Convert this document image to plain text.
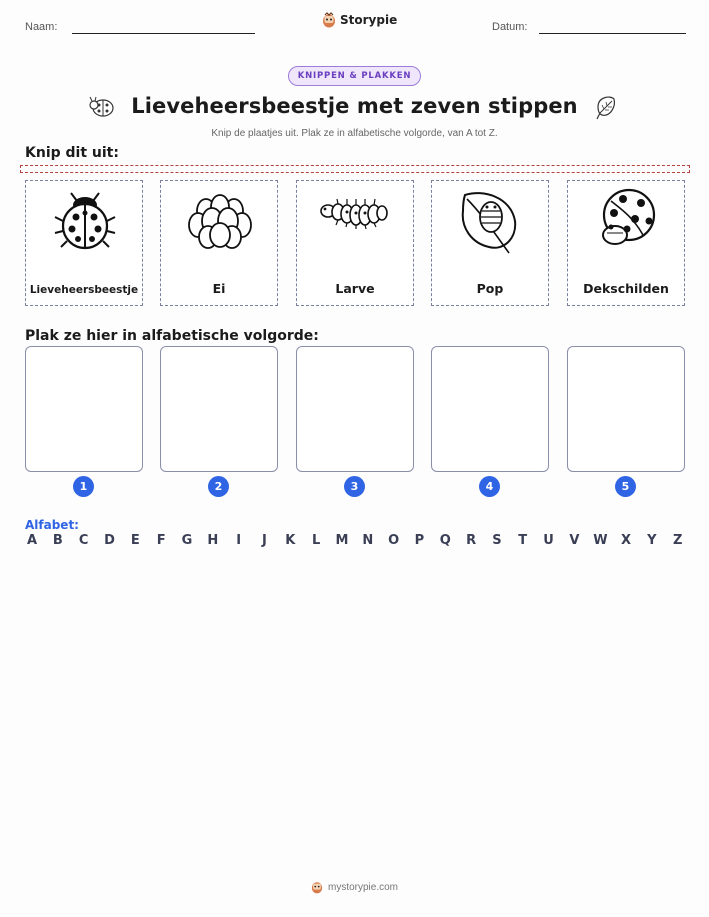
Naam:	Storypie	Datum:
KNIPPEN & PLAKKEN
Lieveheersbeestje met zeven stippen
Knip de plaatjes uit. Plak ze in alfabetische volgorde, van A tot Z.
Knip dit uit:
Lieveheersbeestje	Ei	Larve	Pop	Dekschilden
Plak ze hier in alfabetische volgorde:
1	2	3	4	5
Alfabet:
A B C D E F G H	I	J	K L M N O P Q R S T U V W X Y Z
mystorypie.com
